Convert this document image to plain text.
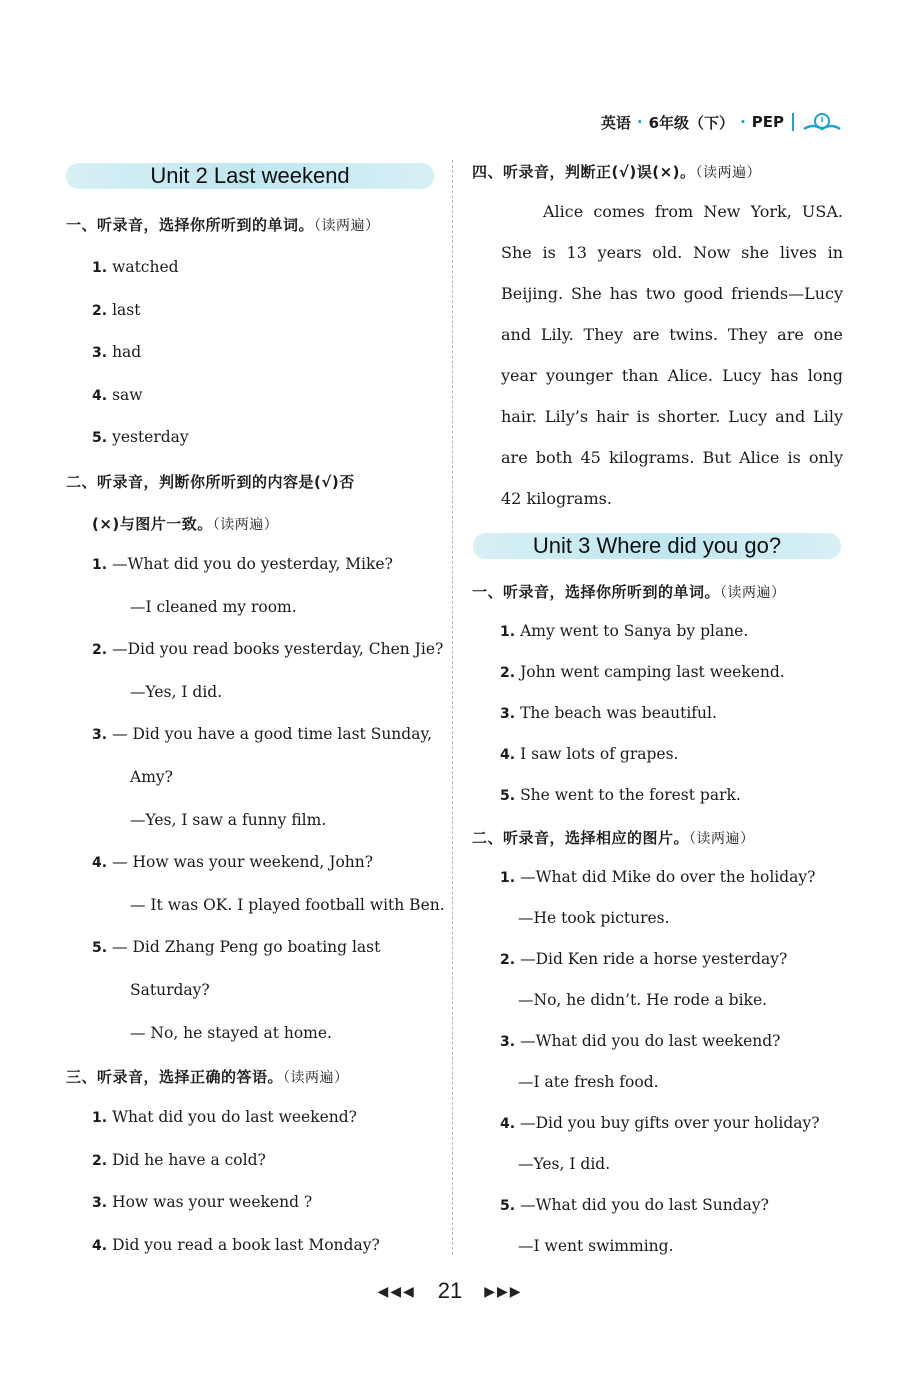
英语 · 6年级（下） · PEP
Unit 2 Last weekend
一、听录音，选择你所听到的单词。（读两遍）
1. watched
2. last
3. had
4. saw
5. yesterday
二、听录音，判断你所听到的内容是(√)否
(×)与图片一致。（读两遍）
1. —What did you do yesterday, Mike?
—I cleaned my room.
2. —Did you read books yesterday, Chen Jie?
—Yes, I did.
3. — Did you have a good time last Sunday,
Amy?
—Yes, I saw a funny film.
4. — How was your weekend, John?
— It was OK. I played football with Ben.
5. — Did Zhang Peng go boating last
Saturday?
— No, he stayed at home.
三、听录音，选择正确的答语。（读两遍）
1. What did you do last weekend?
2. Did he have a cold?
3. How was your weekend ?
4. Did you read a book last Monday?
四、听录音，判断正(√)误(×)。（读两遍）
Alice comes from New York, USA. She is 13 years old. Now she lives in Beijing. She has two good friends—Lucy and Lily. They are twins. They are one year younger than Alice. Lucy has long hair. Lily’s hair is shorter. Lucy and Lily are both 45 kilograms. But Alice is only 42 kilograms.
Unit 3 Where did you go?
一、听录音，选择你所听到的单词。（读两遍）
1. Amy went to Sanya by plane.
2. John went camping last weekend.
3. The beach was beautiful.
4. I saw lots of grapes.
5. She went to the forest park.
二、听录音，选择相应的图片。（读两遍）
1. —What did Mike do over the holiday?
—He took pictures.
2. —Did Ken ride a horse yesterday?
—No, he didn’t. He rode a bike.
3. —What did you do last weekend?
—I ate fresh food.
4. —Did you buy gifts over your holiday?
—Yes, I did.
5. —What did you do last Sunday?
—I went swimming.
◀◀◀ 21 ▶▶▶
